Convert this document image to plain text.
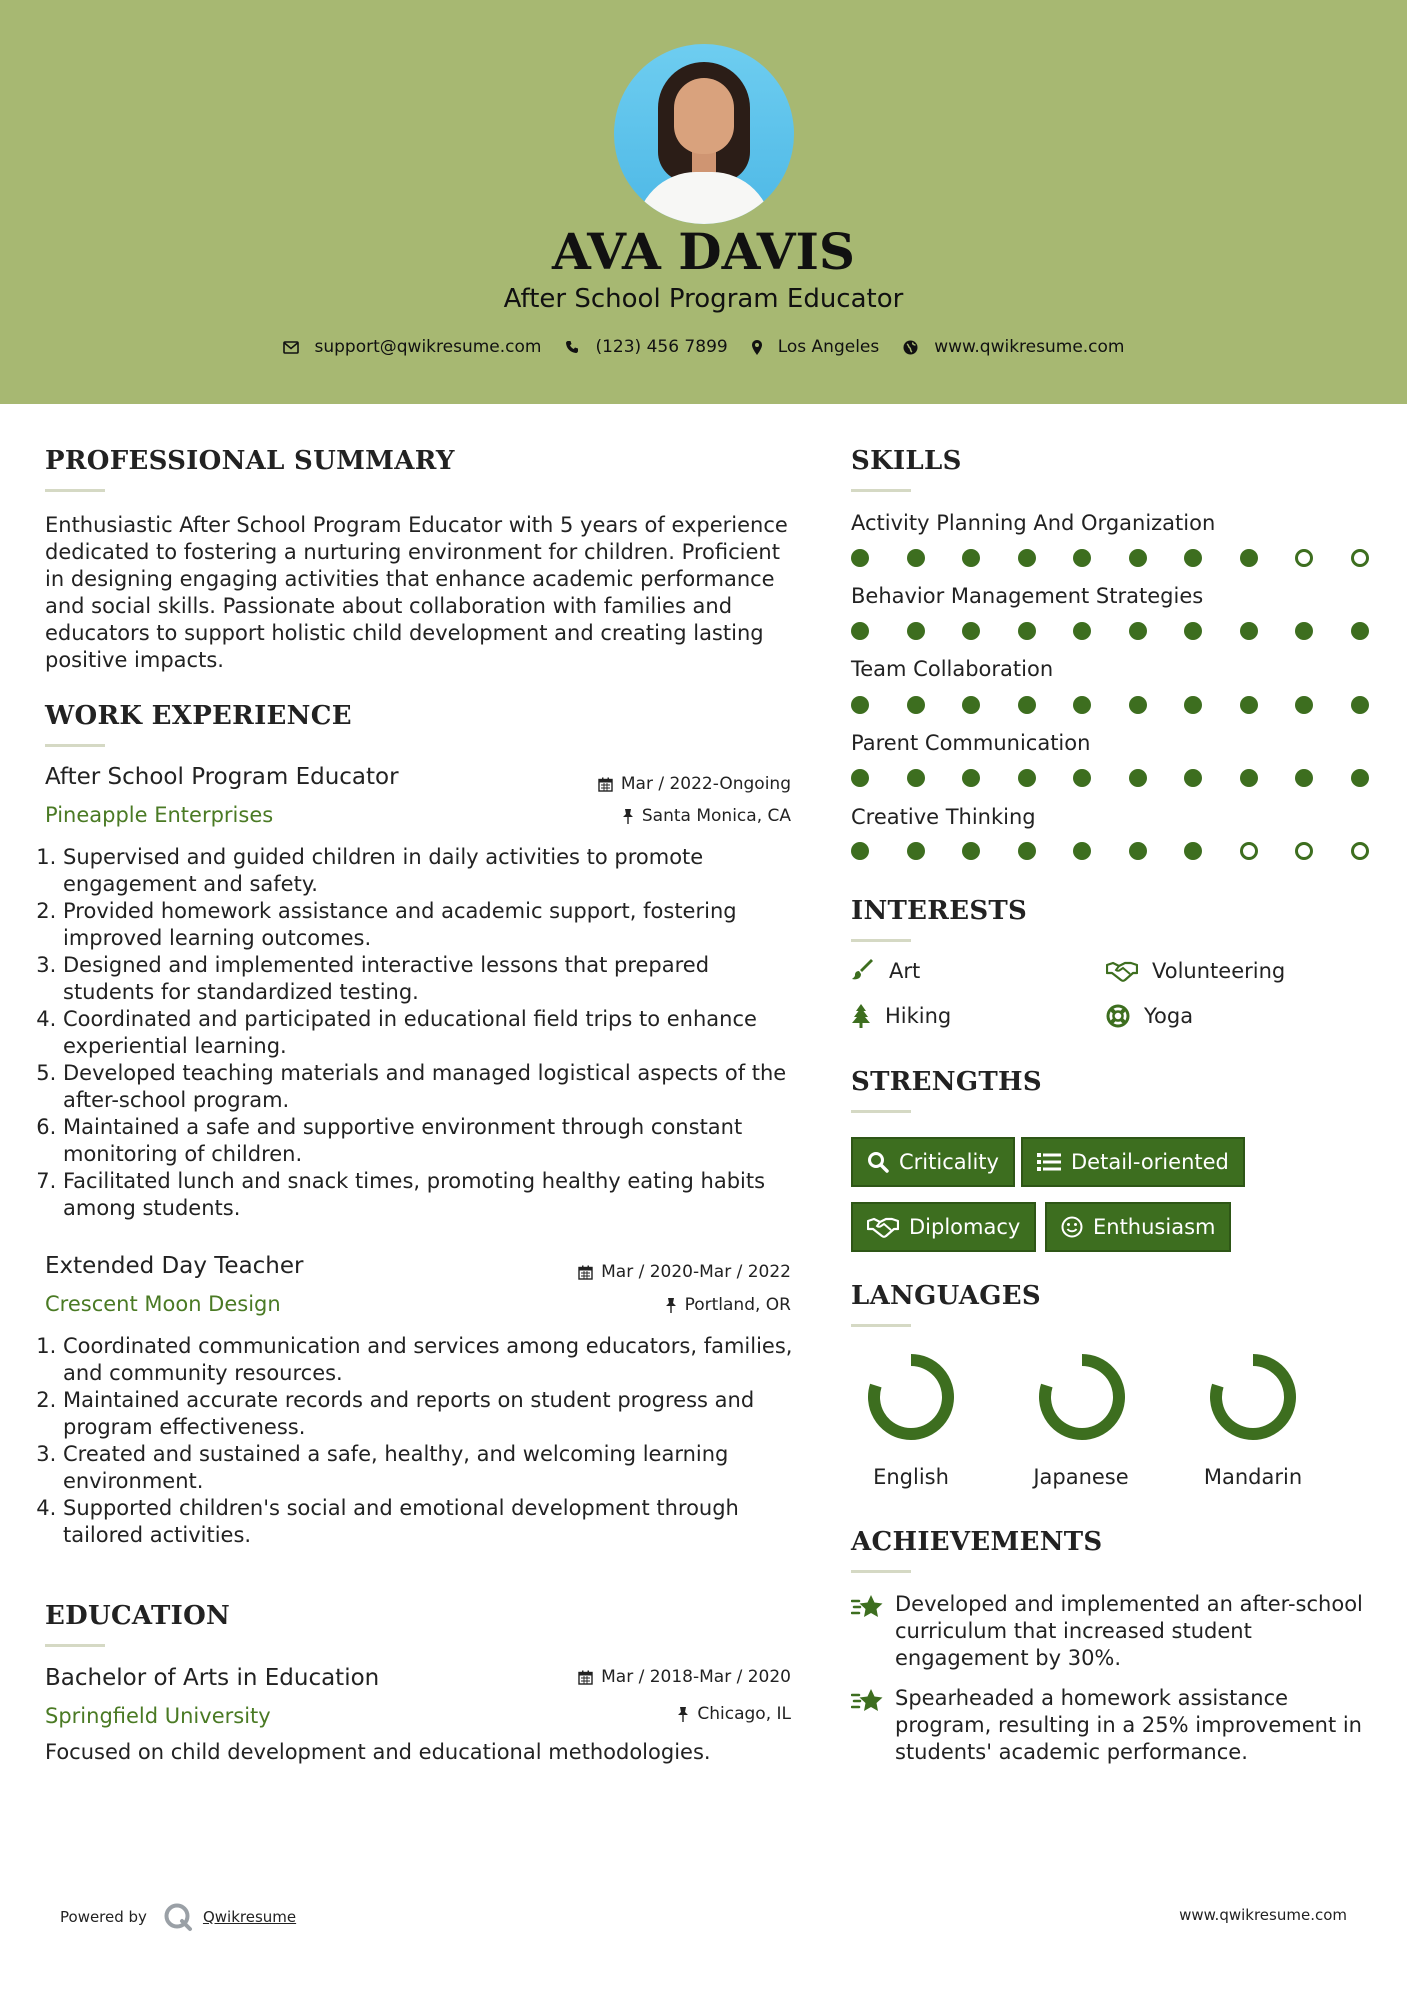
AVA DAVIS
After School Program Educator
support@qwikresume.com	(123) 456 7899	Los Angeles	www.qwikresume.com
PROFESSIONAL SUMMARY
Enthusiastic After School Program Educator with 5 years of experience
dedicated to fostering a nurturing environment for children. Proficient
in designing engaging activities that enhance academic performance
and social skills. Passionate about collaboration with families and
educators to support holistic child development and creating lasting
positive impacts.
WORK EXPERIENCE
After School Program Educator	Mar / 2022-Ongoing
Pineapple Enterprises	Santa Monica, CA
1. Supervised and guided children in daily activities to promote engagement and safety.
2. Provided homework assistance and academic support, fostering improved learning outcomes.
3. Designed and implemented interactive lessons that prepared students for standardized testing.
4. Coordinated and participated in educational field trips to enhance experiential learning.
5. Developed teaching materials and managed logistical aspects of the after-school program.
6. Maintained a safe and supportive environment through constant monitoring of children.
7. Facilitated lunch and snack times, promoting healthy eating habits among students.
Extended Day Teacher	Mar / 2020-Mar / 2022
Crescent Moon Design	Portland, OR
1. Coordinated communication and services among educators, families, and community resources.
2. Maintained accurate records and reports on student progress and program effectiveness.
3. Created and sustained a safe, healthy, and welcoming learning environment.
4. Supported children's social and emotional development through tailored activities.
EDUCATION
Bachelor of Arts in Education	Mar / 2018-Mar / 2020
Springfield University	Chicago, IL
Focused on child development and educational methodologies.
SKILLS
Activity Planning And Organization
Behavior Management Strategies
Team Collaboration
Parent Communication
Creative Thinking
INTERESTS
Art	Volunteering
Hiking	Yoga
STRENGTHS
Criticality	Detail-oriented
Diplomacy	Enthusiasm
LANGUAGES
English	Japanese	Mandarin
ACHIEVEMENTS
Developed and implemented an after-school curriculum that increased student engagement by 30%.
Spearheaded a homework assistance program, resulting in a 25% improvement in students' academic performance.
Powered by	Qwikresume	www.qwikresume.com
